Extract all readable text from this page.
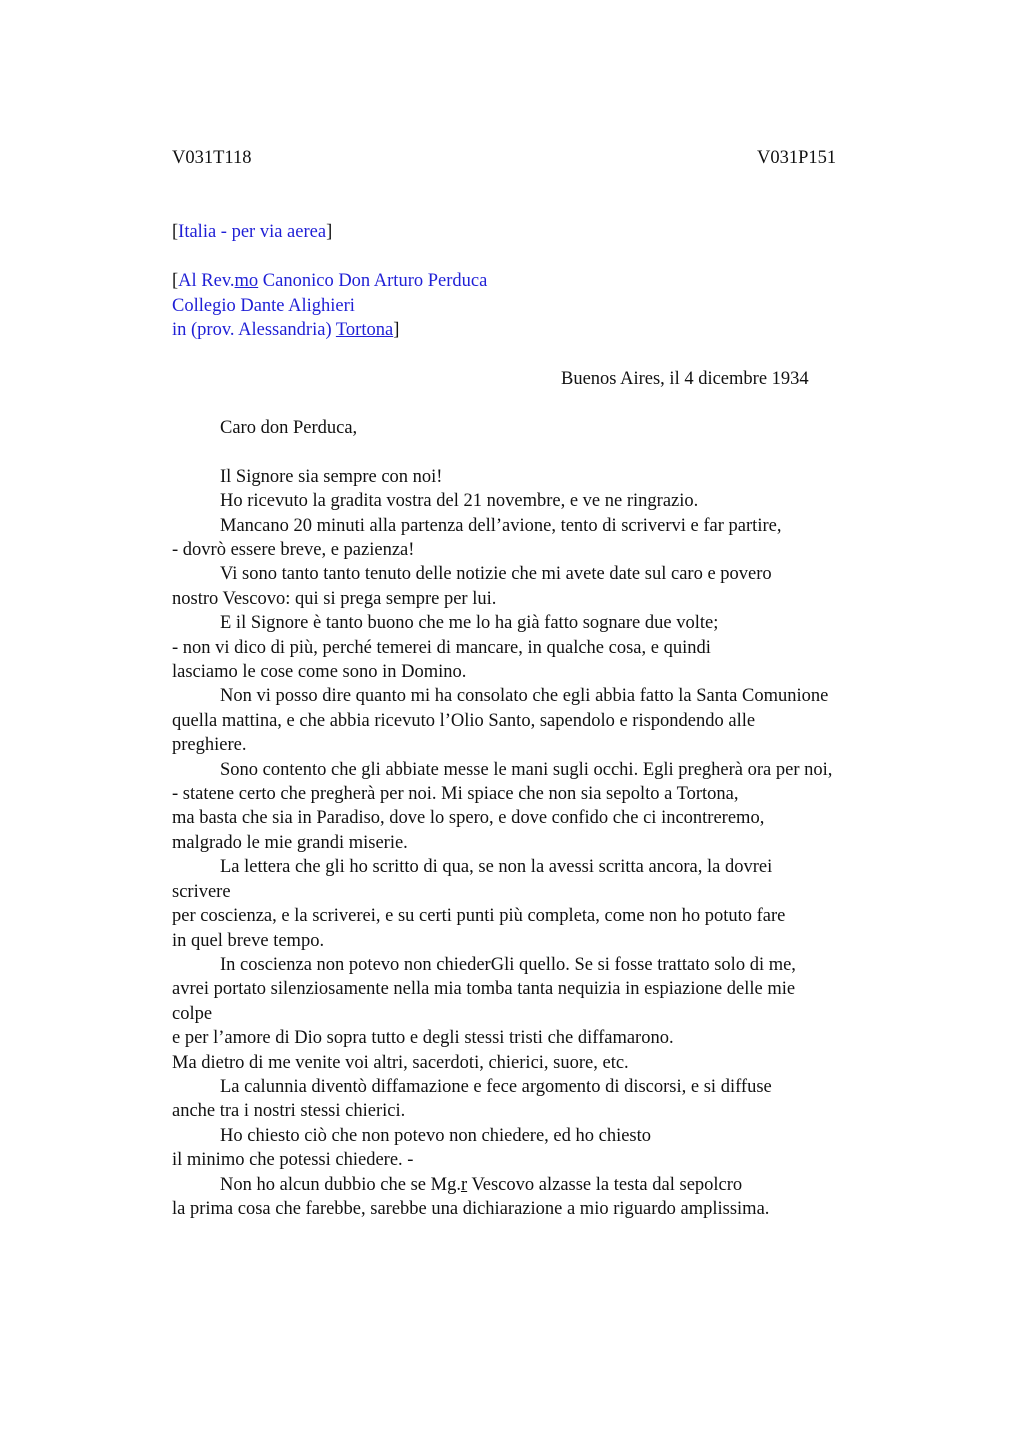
V031T118	V031P151
[Italia - per via aerea]
[Al Rev.mo Canonico Don Arturo Perduca
Collegio Dante Alighieri
in (prov. Alessandria) Tortona]
Buenos Aires, il 4 dicembre 1934
Caro don Perduca,
Il Signore sia sempre con noi!
Ho ricevuto la gradita vostra del 21 novembre, e ve ne ringrazio.
Mancano 20 minuti alla partenza dell’avione, tento di scrivervi e far partire,
- dovrò essere breve, e pazienza!
Vi sono tanto tanto tenuto delle notizie che mi avete date sul caro e povero
nostro Vescovo: qui si prega sempre per lui.
E il Signore è tanto buono che me lo ha già fatto sognare due volte;
- non vi dico di più, perché temerei di mancare, in qualche cosa, e quindi
lasciamo le cose come sono in Domino.
Non vi posso dire quanto mi ha consolato che egli abbia fatto la Santa Comunione
quella mattina, e che abbia ricevuto l’Olio Santo, sapendolo e rispondendo alle
preghiere.
Sono contento che gli abbiate messe le mani sugli occhi. Egli pregherà ora per noi,
- statene certo che pregherà per noi. Mi spiace che non sia sepolto a Tortona,
ma basta che sia in Paradiso, dove lo spero, e dove confido che ci incontreremo,
malgrado le mie grandi miserie.
La lettera che gli ho scritto di qua, se non la avessi scritta ancora, la dovrei
scrivere
per coscienza, e la scriverei, e su certi punti più completa, come non ho potuto fare
in quel breve tempo.
In coscienza non potevo non chiederGli quello. Se si fosse trattato solo di me,
avrei portato silenziosamente nella mia tomba tanta nequizia in espiazione delle mie
colpe
e per l’amore di Dio sopra tutto e degli stessi tristi che diffamarono.
Ma dietro di me venite voi altri, sacerdoti, chierici, suore, etc.
La calunnia diventò diffamazione e fece argomento di discorsi, e si diffuse
anche tra i nostri stessi chierici.
Ho chiesto ciò che non potevo non chiedere, ed ho chiesto
il minimo che potessi chiedere. -
Non ho alcun dubbio che se Mg.r Vescovo alzasse la testa dal sepolcro
la prima cosa che farebbe, sarebbe una dichiarazione a mio riguardo amplissima.
